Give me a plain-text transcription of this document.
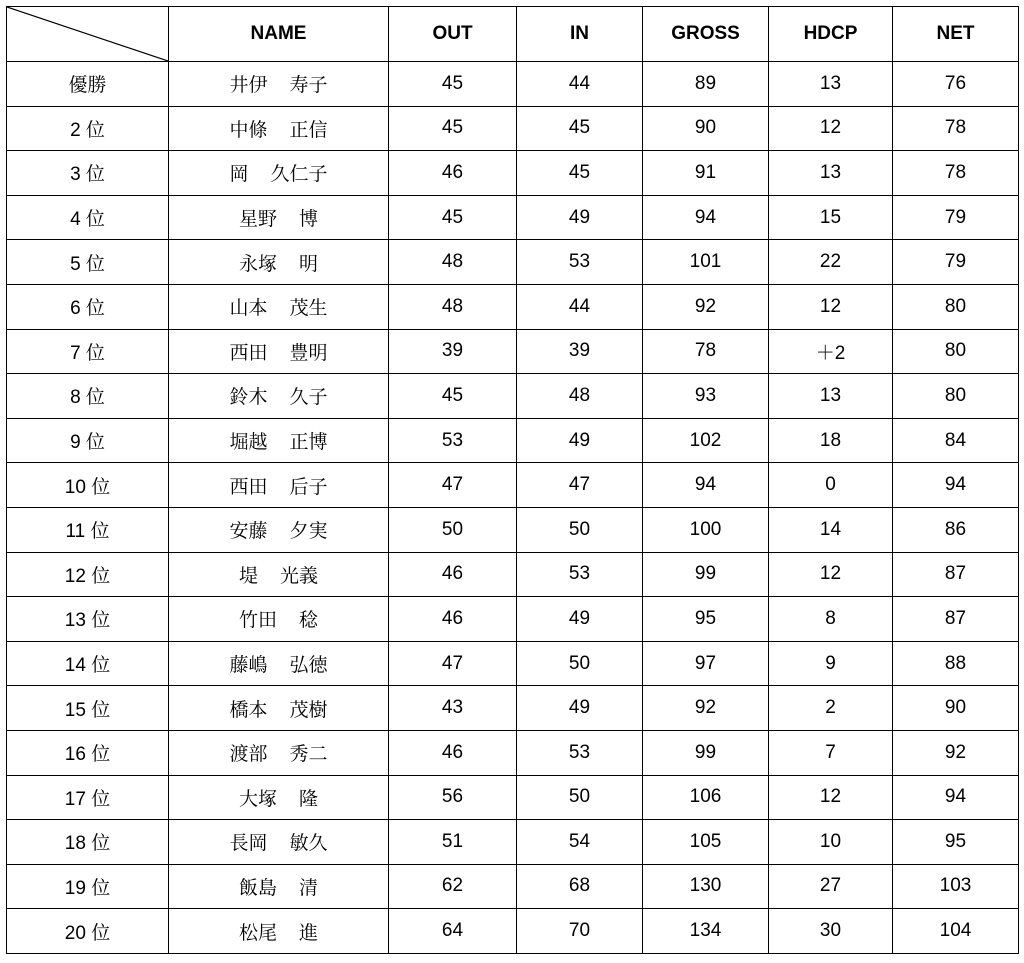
	NAME	OUT	IN	GROSS	HDCP	NET
優勝	井伊 寿子	45	44	89	13	76
2 位	中條 正信	45	45	90	12	78
3 位	岡 久仁子	46	45	91	13	78
4 位	星野 博	45	49	94	15	79
5 位	永塚 明	48	53	101	22	79
6 位	山本 茂生	48	44	92	12	80
7 位	西田 豊明	39	39	78	＋2	80
8 位	鈴木 久子	45	48	93	13	80
9 位	堀越 正博	53	49	102	18	84
10 位	西田 后子	47	47	94	0	94
11 位	安藤 夕実	50	50	100	14	86
12 位	堤 光義	46	53	99	12	87
13 位	竹田 稔	46	49	95	8	87
14 位	藤嶋 弘徳	47	50	97	9	88
15 位	橋本 茂樹	43	49	92	2	90
16 位	渡部 秀二	46	53	99	7	92
17 位	大塚 隆	56	50	106	12	94
18 位	長岡 敏久	51	54	105	10	95
19 位	飯島 清	62	68	130	27	103
20 位	松尾 進	64	70	134	30	104
